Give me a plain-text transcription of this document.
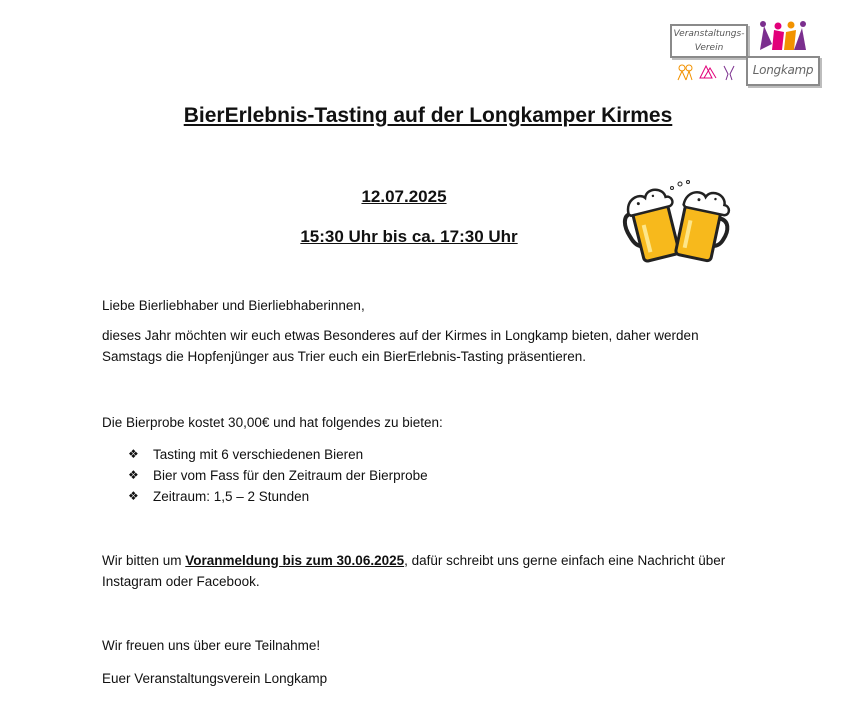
Veranstaltungs-
Verein
Longkamp
BierErlebnis-Tasting auf der Longkamper Kirmes
12.07.2025
15:30 Uhr bis ca. 17:30 Uhr
Liebe Bierliebhaber und Bierliebhaberinnen,
dieses Jahr möchten wir euch etwas Besonderes auf der Kirmes in Longkamp bieten, daher werden Samstags die Hopfenjünger aus Trier euch ein BierErlebnis-Tasting präsentieren.
Die Bierprobe kostet 30,00€ und hat folgendes zu bieten:
❖	Tasting mit 6 verschiedenen Bieren
❖	Bier vom Fass für den Zeitraum der Bierprobe
❖	Zeitraum: 1,5 – 2 Stunden
Wir bitten um Voranmeldung bis zum 30.06.2025, dafür schreibt uns gerne einfach eine Nachricht über Instagram oder Facebook.
Wir freuen uns über eure Teilnahme!
Euer Veranstaltungsverein Longkamp
